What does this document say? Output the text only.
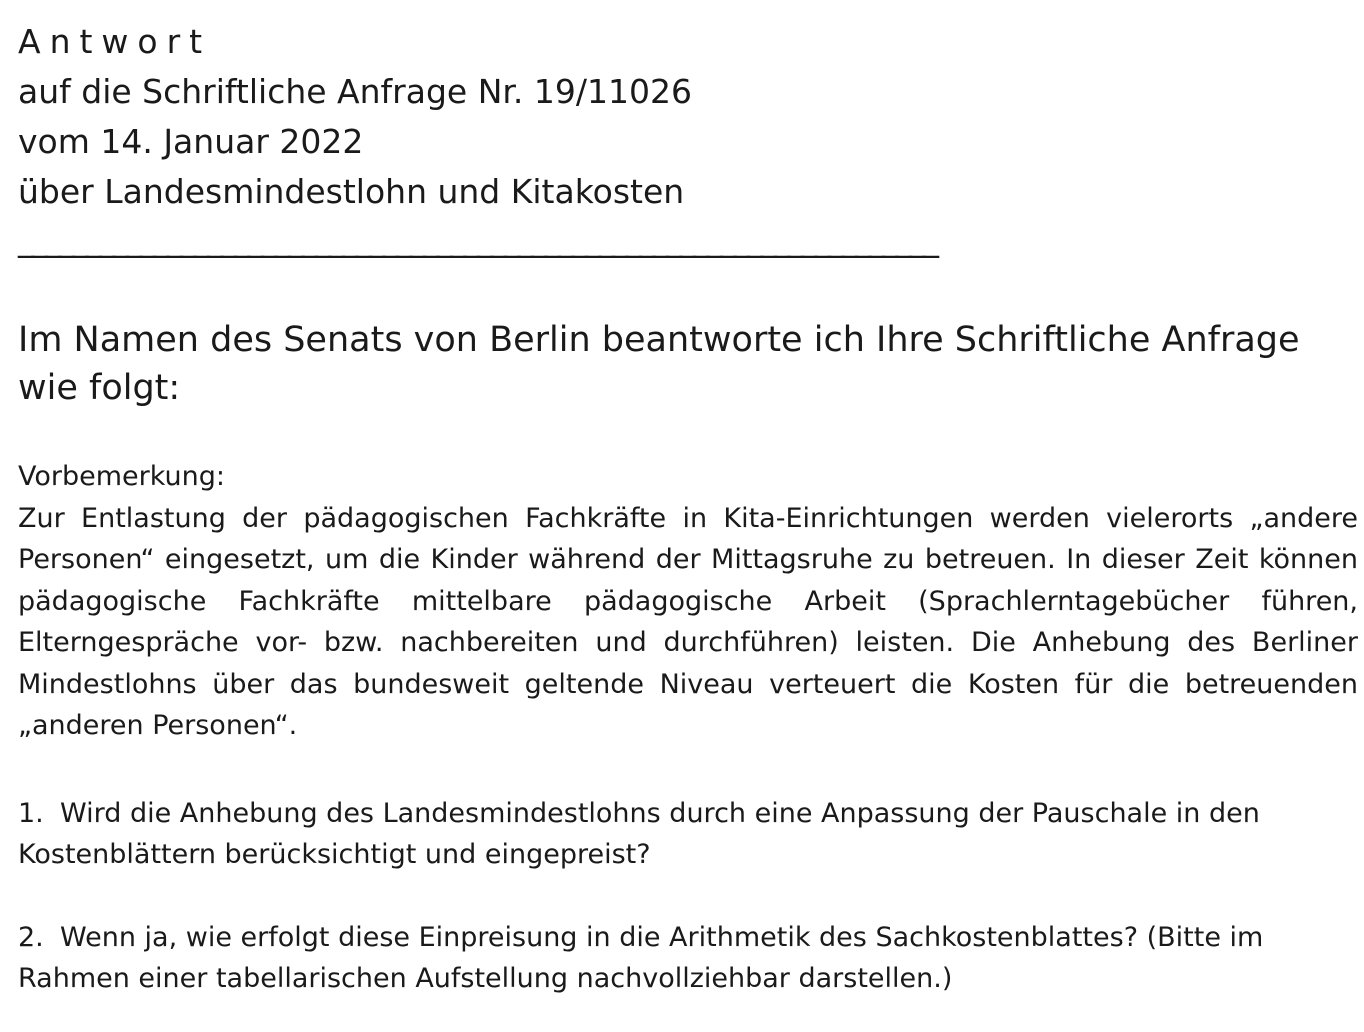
Antwort
auf die Schriftliche Anfrage Nr. 19/11026
vom 14. Januar 2022
über Landesmindestlohn und Kitakosten
____________________________________________________________________
Im Namen des Senats von Berlin beantworte ich Ihre Schriftliche Anfrage wie folgt:
Vorbemerkung:
Zur Entlastung der pädagogischen Fachkräfte in Kita-Einrichtungen werden vielerorts „andere Personen“ eingesetzt, um die Kinder während der Mittagsruhe zu betreuen. In dieser Zeit können pädagogische Fachkräfte mittelbare pädagogische Arbeit (Sprachlerntagebücher führen, Elterngespräche vor- bzw. nachbereiten und durchführen) leisten. Die Anhebung des Berliner Mindestlohns über das bundesweit geltende Niveau verteuert die Kosten für die betreuenden „anderen Personen“.
1. Wird die Anhebung des Landesmindestlohns durch eine Anpassung der Pauschale in den Kostenblättern berücksichtigt und eingepreist?
2. Wenn ja, wie erfolgt diese Einpreisung in die Arithmetik des Sachkostenblattes? (Bitte im Rahmen einer tabellarischen Aufstellung nachvollziehbar darstellen.)
